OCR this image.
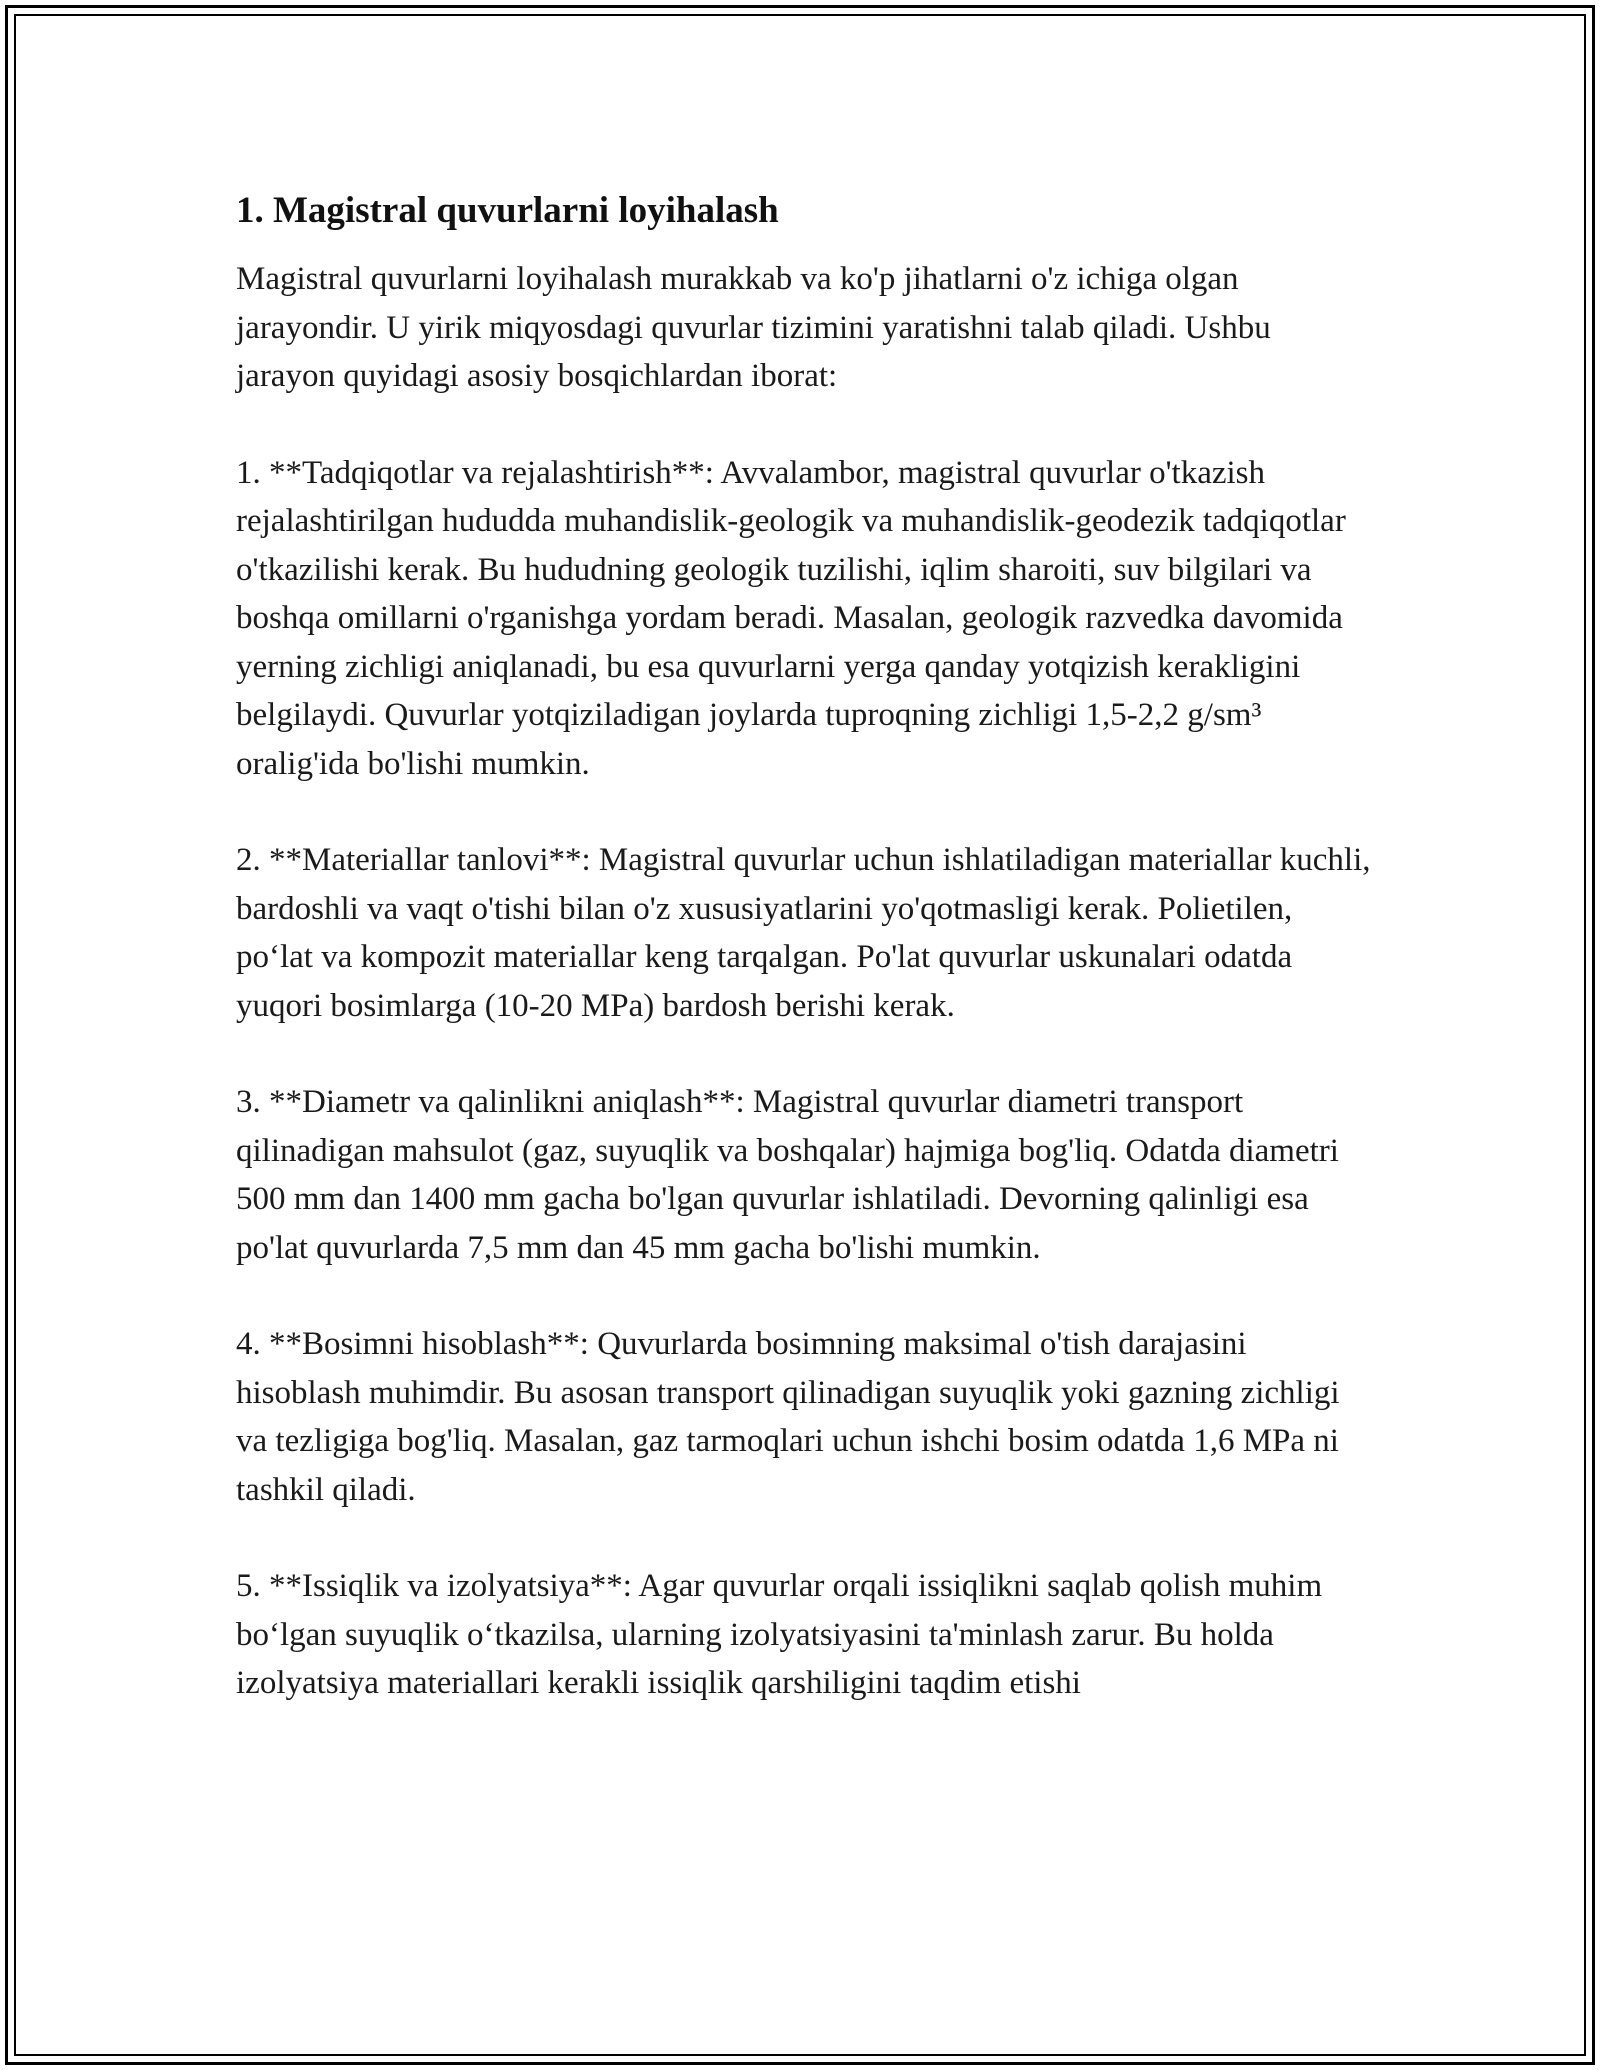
1. Magistral quvurlarni loyihalash

Magistral quvurlarni loyihalash murakkab va ko'p jihatlarni o'z ichiga olgan jarayondir. U yirik miqyosdagi quvurlar tizimini yaratishni talab qiladi. Ushbu jarayon quyidagi asosiy bosqichlardan iborat:

1. **Tadqiqotlar va rejalashtirish**: Avvalambor, magistral quvurlar o'tkazish rejalashtirilgan hududda muhandislik-geologik va muhandislik-geodezik tadqiqotlar o'tkazilishi kerak. Bu hududning geologik tuzilishi, iqlim sharoiti, suv bilgilari va boshqa omillarni o'rganishga yordam beradi. Masalan, geologik razvedka davomida yerning zichligi aniqlanadi, bu esa quvurlarni yerga qanday yotqizish kerakligini belgilaydi. Quvurlar yotqiziladigan joylarda tuproqning zichligi 1,5-2,2 g/sm³ oralig'ida bo'lishi mumkin.

2. **Materiallar tanlovi**: Magistral quvurlar uchun ishlatiladigan materiallar kuchli, bardoshli va vaqt o'tishi bilan o'z xususiyatlarini yo'qotmasligi kerak. Polietilen, po‘lat va kompozit materiallar keng tarqalgan. Po'lat quvurlar uskunalari odatda yuqori bosimlarga (10-20 MPa) bardosh berishi kerak.

3. **Diametr va qalinlikni aniqlash**: Magistral quvurlar diametri transport qilinadigan mahsulot (gaz, suyuqlik va boshqalar) hajmiga bog'liq. Odatda diametri 500 mm dan 1400 mm gacha bo'lgan quvurlar ishlatiladi. Devorning qalinligi esa po'lat quvurlarda 7,5 mm dan 45 mm gacha bo'lishi mumkin.

4. **Bosimni hisoblash**: Quvurlarda bosimning maksimal o'tish darajasini hisoblash muhimdir. Bu asosan transport qilinadigan suyuqlik yoki gazning zichligi va tezligiga bog'liq. Masalan, gaz tarmoqlari uchun ishchi bosim odatda 1,6 MPa ni tashkil qiladi.

5. **Issiqlik va izolyatsiya**: Agar quvurlar orqali issiqlikni saqlab qolish muhim bo‘lgan suyuqlik o‘tkazilsa, ularning izolyatsiyasini ta'minlash zarur. Bu holda izolyatsiya materiallari kerakli issiqlik qarshiligini taqdim etishi
